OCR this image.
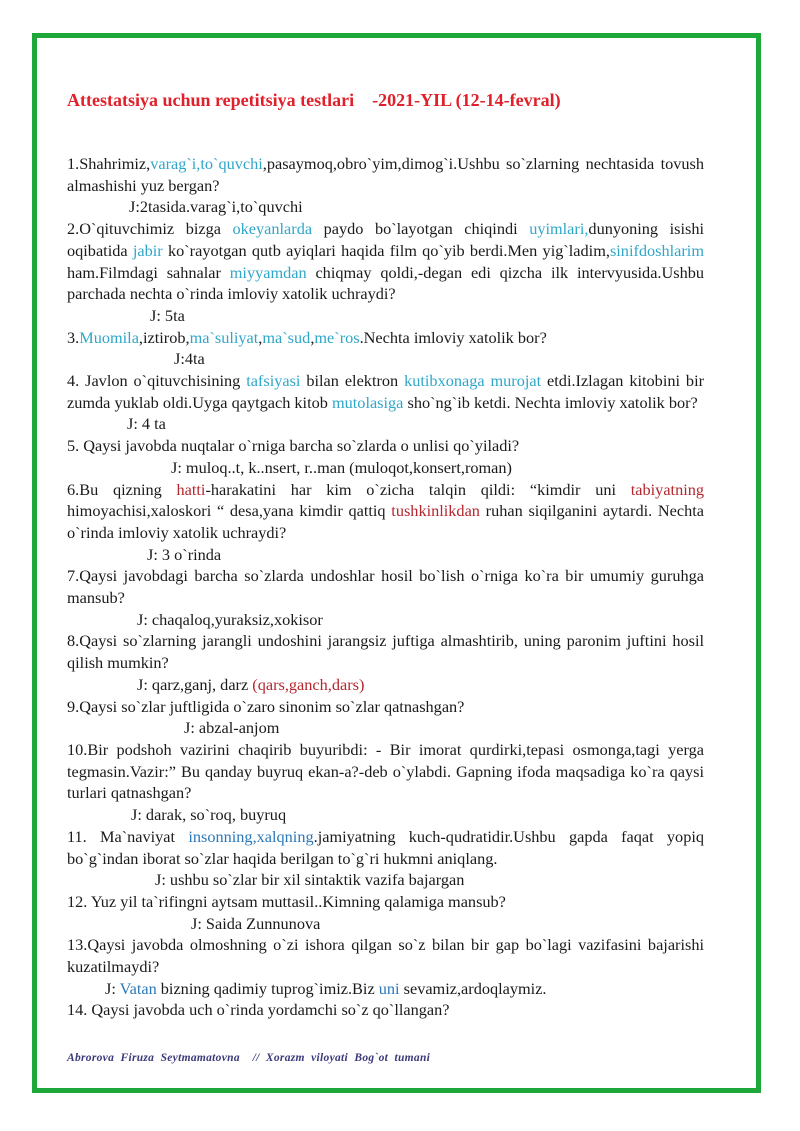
Attestatsiya uchun repetitsiya testlari -2021-YIL (12-14-fevral)

1.Shahrimiz,varag`i,to`quvchi,pasaymoq,obro`yim,dimog`i.Ushbu so`zlarning nechtasida tovush almashishi yuz bergan?

J:2tasida.varag`i,to`quvchi

2.O`qituvchimiz bizga okeyanlarda paydo bo`layotgan chiqindi uyimlari,dunyoning isishi oqibatida jabir ko`rayotgan qutb ayiqlari haqida film qo`yib berdi.Men yig`ladim,sinifdoshlarim ham.Filmdagi sahnalar miyyamdan chiqmay qoldi,-degan edi qizcha ilk intervyusida.Ushbu parchada nechta o`rinda imloviy xatolik uchraydi?

J: 5ta

3.Muomila,iztirob,ma`suliyat,ma`sud,me`ros.Nechta imloviy xatolik bor?

J:4ta

4. Javlon o`qituvchisining tafsiyasi bilan elektron kutibxonaga murojat etdi.Izlagan kitobini bir zumda yuklab oldi.Uyga qaytgach kitob mutolasiga sho`ng`ib ketdi. Nechta imloviy xatolik bor?

J: 4 ta

5. Qaysi javobda nuqtalar o`rniga barcha so`zlarda o unlisi qo`yiladi?

J: muloq..t, k..nsert, r..man (muloqot,konsert,roman)

6.Bu qizning hatti-harakatini har kim o`zicha talqin qildi: “kimdir uni tabiyatning himoyachisi,xaloskori “ desa,yana kimdir qattiq tushkinlikdan ruhan siqilganini aytardi. Nechta o`rinda imloviy xatolik uchraydi?

J: 3 o`rinda

7.Qaysi javobdagi barcha so`zlarda undoshlar hosil bo`lish o`rniga ko`ra bir umumiy guruhga mansub?

J: chaqaloq,yuraksiz,xokisor

8.Qaysi so`zlarning jarangli undoshini jarangsiz juftiga almashtirib, uning paronim juftini hosil qilish mumkin?

J: qarz,ganj, darz (qars,ganch,dars)

9.Qaysi so`zlar juftligida o`zaro sinonim so`zlar qatnashgan?

J: abzal-anjom

10.Bir podshoh vazirini chaqirib buyuribdi: - Bir imorat qurdirki,tepasi osmonga,tagi yerga tegmasin.Vazir:” Bu qanday buyruq ekan-a?-deb o`ylabdi. Gapning ifoda maqsadiga ko`ra qaysi turlari qatnashgan?

J: darak, so`roq, buyruq

11. Ma`naviyat insonning,xalqning.jamiyatning kuch-qudratidir.Ushbu gapda faqat yopiq bo`g`indan iborat so`zlar haqida berilgan to`g`ri hukmni aniqlang.

J: ushbu so`zlar bir xil sintaktik vazifa bajargan

12. Yuz yil ta`rifingni aytsam muttasil..Kimning qalamiga mansub?

J: Saida Zunnunova

13.Qaysi javobda olmoshning o`zi ishora qilgan so`z bilan bir gap bo`lagi vazifasini bajarishi kuzatilmaydi?

J: Vatan bizning qadimiy tuprog`imiz.Biz uni sevamiz,ardoqlaymiz.

14. Qaysi javobda uch o`rinda yordamchi so`z qo`llangan?

Abrorova  Firuza  Seytmamatovna    //  Xorazm  viloyati  Bog`ot  tumani
